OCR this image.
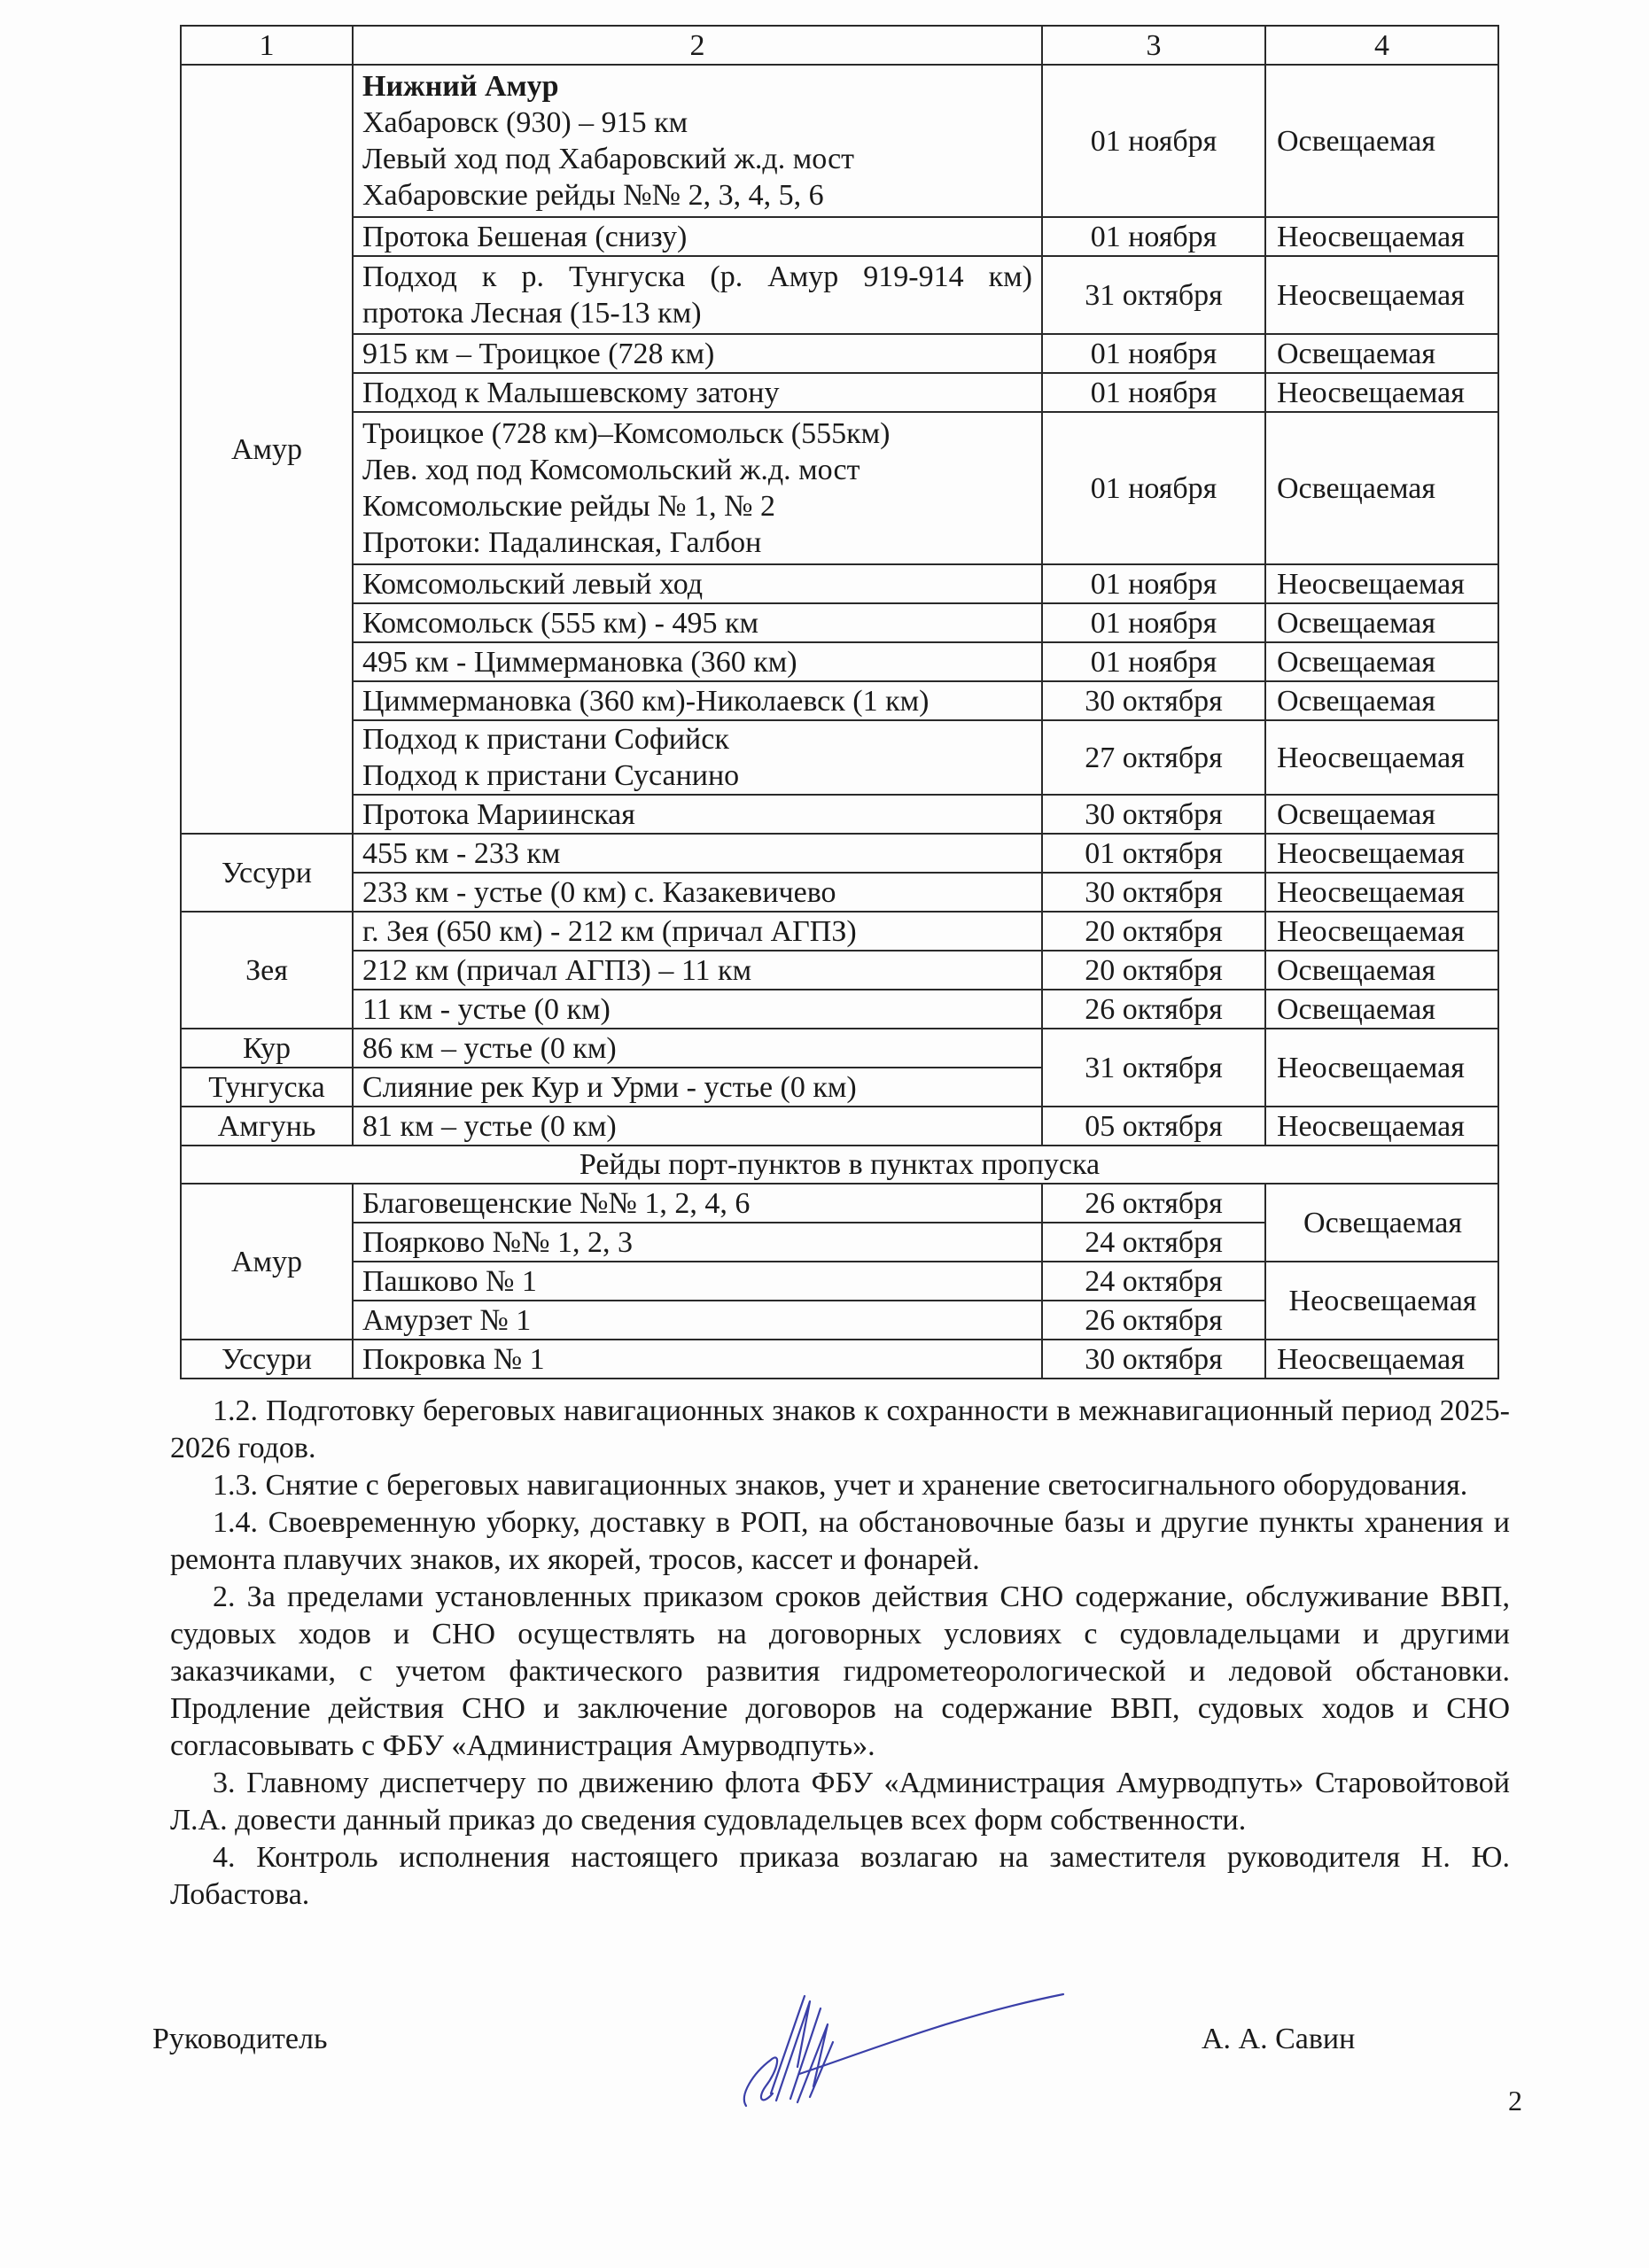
1	2	3	4
Амур	Нижний Амур
Хабаровск (930) – 915 км
Левый ход под Хабаровский ж.д. мост
Хабаровские рейды №№ 2, 3, 4, 5, 6	01 ноября	Освещаемая
	Протока Бешеная (снизу)	01 ноября	Неосвещаемая

	Подход к р. Тунгуска (р. Амур 919-914 км)
протока Лесная (15-13 км)	31 октября	Неосвещаемая
	915 км – Троицкое (728 км)	01 ноября	Освещаемая
	Подход к Малышевскому затону	01 ноября	Неосвещаемая

	Троицкое (728 км)–Комсомольск (555км)
Лев. ход под Комсомольский ж.д. мост
Комсомольские рейды № 1, № 2
Протоки: Падалинская, Галбон	01 ноября	Освещаемая
	Комсомольский левый ход	01 ноября	Неосвещаемая
	Комсомольск (555 км) - 495 км	01 ноября	Освещаемая
	495 км - Циммермановка (360 км)	01 ноября	Освещаемая
	Циммермановка (360 км)-Николаевск (1 км)	30 октября	Освещаемая

	Подход к пристани Софийск
Подход к пристани Сусанино	27 октября	Неосвещаемая
	Протока Мариинская	30 октября	Освещаемая
Уссури	455 км - 233 км	01 октября	Неосвещаемая
	233 км - устье (0 км) с. Казакевичево	30 октября	Неосвещаемая
Зея	г. Зея (650 км) - 212 км (причал АГПЗ)	20 октября	Неосвещаемая
	212 км (причал АГПЗ) – 11 км	20 октября	Освещаемая
	11 км - устье (0 км)	26 октября	Освещаемая
Кур	86 км – устье (0 км)	31 октября	Неосвещаемая
Тунгуска	Слияние рек Кур и Урми - устье (0 км)		
Амгунь	81 км – устье (0 км)	05 октября	Неосвещаемая
Рейды порт-пунктов в пунктах пропуска			
Амур	Благовещенские №№ 1, 2, 4, 6	26 октября	Освещаемая
	Поярково №№ 1, 2, 3	24 октября	
	Пашково № 1	24 октября	Неосвещаемая
	Амурзет № 1	26 октября	
Уссури	Покровка № 1	30 октября	Неосвещаемая

1.2. Подготовку береговых навигационных знаков к сохранности в межнавигационный период 2025-2026 годов.

1.3. Снятие с береговых навигационных знаков, учет и хранение светосигнального оборудования.

1.4. Своевременную уборку, доставку в РОП, на обстановочные базы и другие пункты хранения и ремонта плавучих знаков, их якорей, тросов, кассет и фонарей.

2. За пределами установленных приказом сроков действия СНО содержание, обслуживание ВВП, судовых ходов и СНО осуществлять на договорных условиях с судовладельцами и другими заказчиками, с учетом фактического развития гидрометеорологической и ледовой обстановки. Продление действия СНО и заключение договоров на содержание ВВП, судовых ходов и СНО согласовывать с ФБУ «Администрация Амурводпуть».

3. Главному диспетчеру по движению флота ФБУ «Администрация Амурводпуть» Старовойтовой Л.А. довести данный приказ до сведения судовладельцев всех форм собственности.

4. Контроль исполнения настоящего приказа возлагаю на заместителя руководителя Н. Ю. Лобастова.

Руководитель	А. А. Савин
2
